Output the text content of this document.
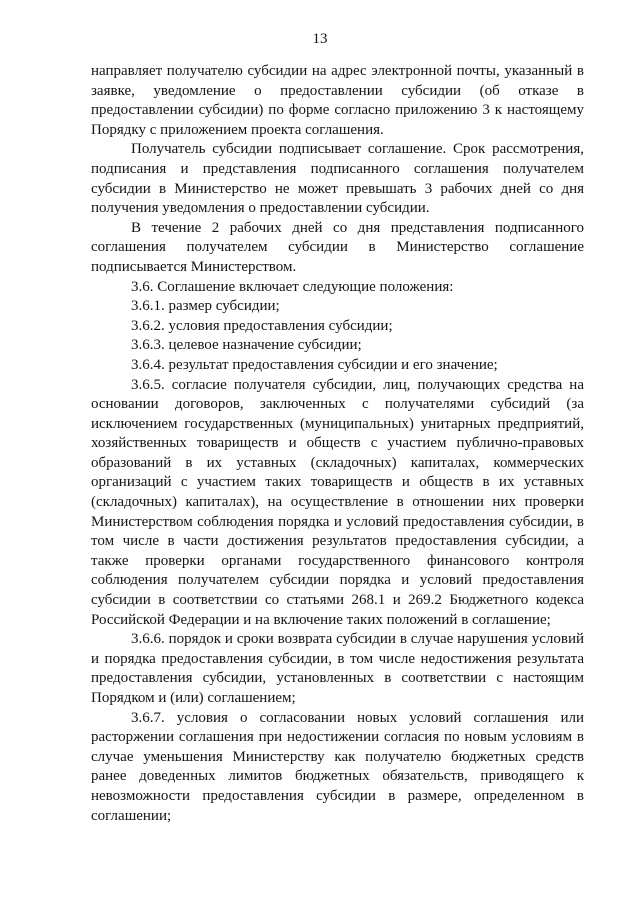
13

направляет получателю субсидии на адрес электронной почты, указанный в заявке, уведомление о предоставлении субсидии (об отказе в предоставлении субсидии) по форме согласно приложению 3 к настоящему Порядку с приложением проекта соглашения.

Получатель субсидии подписывает соглашение. Срок рассмотрения, подписания и представления подписанного соглашения получателем субсидии в Министерство не может превышать 3 рабочих дней со дня получения уведомления о предоставлении субсидии.

В течение 2 рабочих дней со дня представления подписанного соглашения получателем субсидии в Министерство соглашение подписывается Министерством.

3.6. Соглашение включает следующие положения:

3.6.1. размер субсидии;

3.6.2. условия предоставления субсидии;

3.6.3. целевое назначение субсидии;

3.6.4. результат предоставления субсидии и его значение;

3.6.5. согласие получателя субсидии, лиц, получающих средства на основании договоров, заключенных с получателями субсидий (за исключением государственных (муниципальных) унитарных предприятий, хозяйственных товариществ и обществ с участием публично-правовых образований в их уставных (складочных) капиталах, коммерческих организаций с участием таких товариществ и обществ в их уставных (складочных) капиталах), на осуществление в отношении них проверки Министерством соблюдения порядка и условий предоставления субсидии, в том числе в части достижения результатов предоставления субсидии, а также проверки органами государственного финансового контроля соблюдения получателем субсидии порядка и условий предоставления субсидии в соответствии со статьями 268.1 и 269.2 Бюджетного кодекса Российской Федерации и на включение таких положений в соглашение;

3.6.6. порядок и сроки возврата субсидии в случае нарушения условий и порядка предоставления субсидии, в том числе недостижения результата предоставления субсидии, установленных в соответствии с настоящим Порядком и (или) соглашением;

3.6.7. условия о согласовании новых условий соглашения или расторжении соглашения при недостижении согласия по новым условиям в случае уменьшения Министерству как получателю бюджетных средств ранее доведенных лимитов бюджетных обязательств, приводящего к невозможности предоставления субсидии в размере, определенном в соглашении;
